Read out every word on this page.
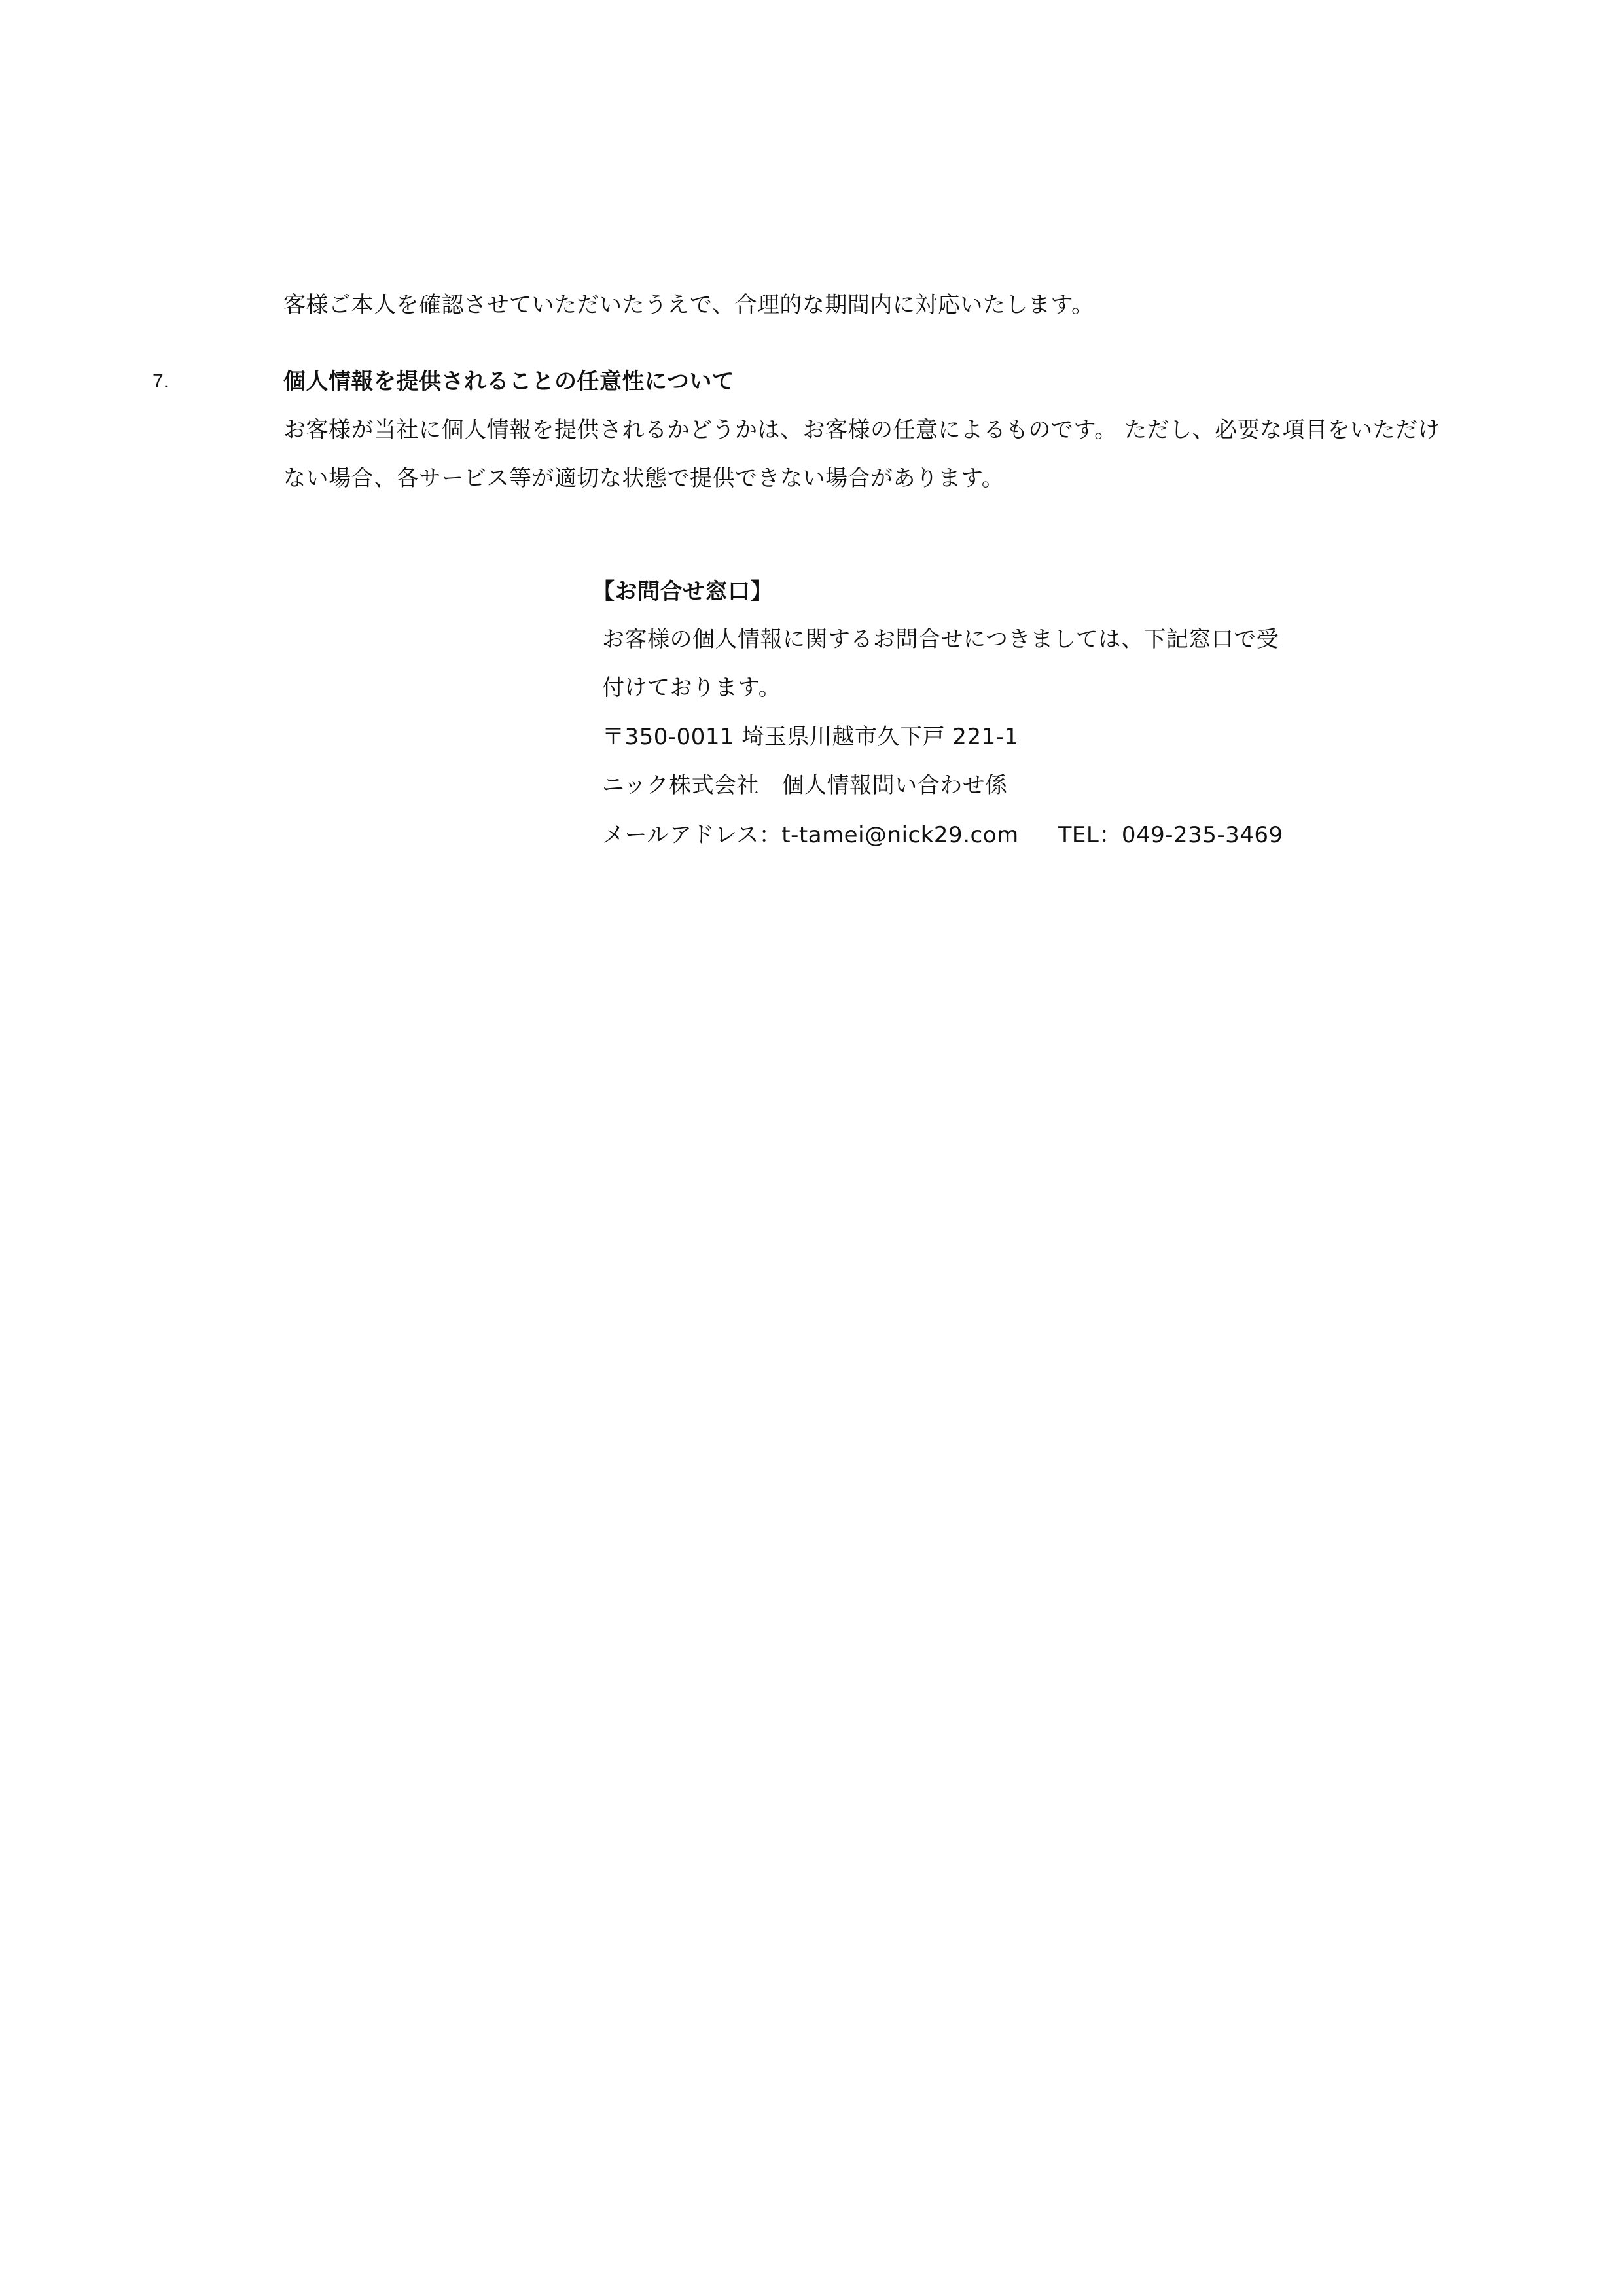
客様ご本人を確認させていただいたうえで、合理的な期間内に対応いたします。
7.	個人情報を提供されることの任意性について
お客様が当社に個人情報を提供されるかどうかは、お客様の任意によるものです。 ただし、必要な項目をいただけ
ない場合、各サービス等が適切な状態で提供できない場合があります。
【お問合せ窓口】
お客様の個人情報に関するお問合せにつきましては、下記窓口で受
付けております。
〒350-0011 埼玉県川越市久下戸 221-1
ニック株式会社　個人情報問い合わせ係
メールアドレス：t-tamei@nick29.com TEL：049-235-3469
